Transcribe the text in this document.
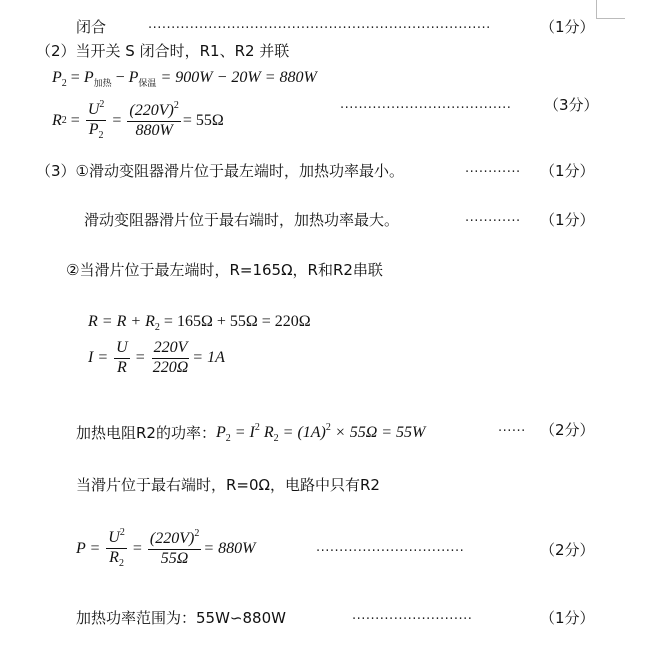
闭合	··········································································	（1分）
（2）当开关 S 闭合时，R1、R2 并联
$P_2 = P_{加热} - P_{保温} = 900W - 20W = 880W$
R $2 = \frac{U^2}{P_2} = \frac{(220V)^2}{880W} = 55\Omega$
····································· （3分）
（3）①滑动变阻器滑片位于最左端时，加热功率最小。	············ （1分）
滑动变阻器滑片位于最右端时，加热功率最大。	············ （1分）
②当滑片位于最左端时，R=165Ω，R和R2串联
$R = R + R_2 = 165\Omega + 55\Omega = 220\Omega$
I =
$\frac{U}{R} = \frac{220V}{220\Omega} = 1A$
加热电阻R2的功率： $P_2 = I^2$ $R_2 = (1A)^2 \times 55\Omega = 55W$	······ （2分）
当滑片位于最右端时，R=0Ω，电路中只有R2
P =
$\frac{U^2}{R_2} = \frac{(220V)^2}{55\Omega} = 880W$	································	（2分）
加热功率范围为：55W∽880W	··························	（1分）
